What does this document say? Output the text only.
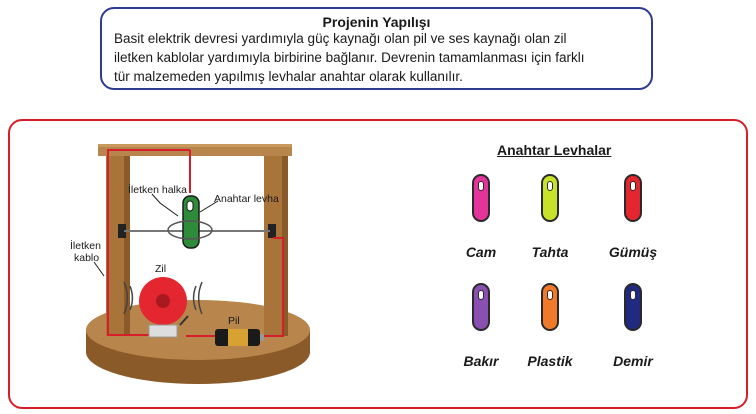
Projenin Yapılışı
Basit elektrik devresi yardımıyla güç kaynağı olan pil ve ses kaynağı olan zil
iletken kablolar yardımıyla birbirine bağlanır. Devrenin tamamlanması için farklı
tür malzemeden yapılmış levhalar anahtar olarak kullanılır.
İletken halka
Anahtar levha
İletken
kablo
Zil
Pil
Anahtar Levhalar
Cam	Tahta	Gümüş
Bakır	Plastik	Demir
